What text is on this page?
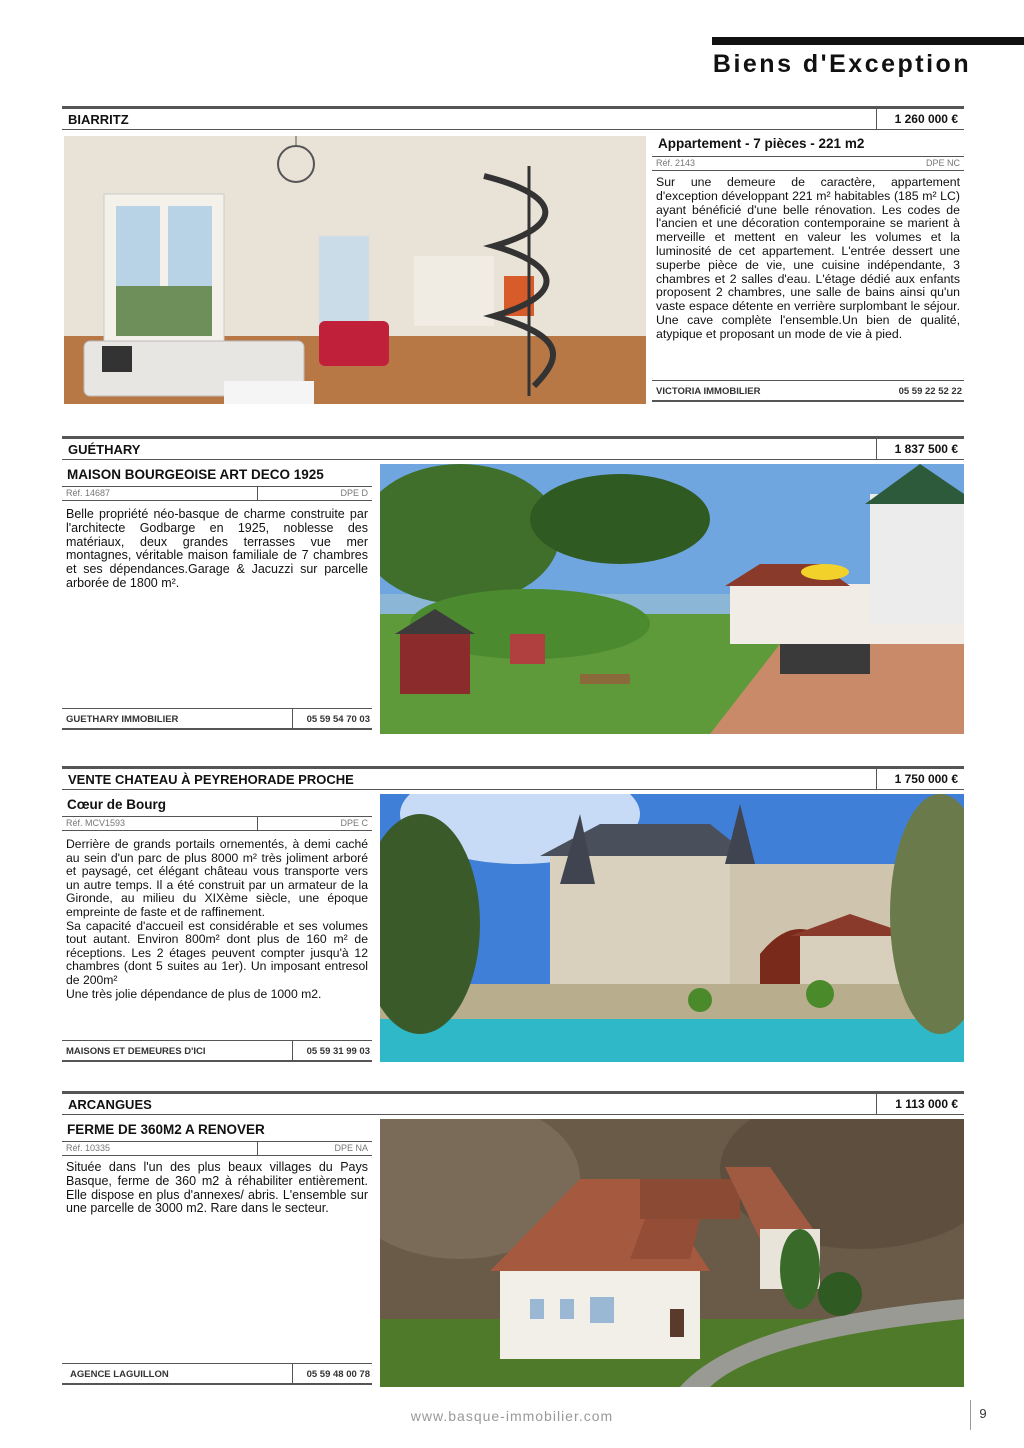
Biens d'Exception
BIARRITZ	1 260 000 €
Appartement - 7 pièces - 221 m2
Réf. 2143	DPE NC
Sur une demeure de caractère, appartement d'exception développant 221 m² habitables (185 m² LC) ayant bénéficié d'une belle rénovation. Les codes de l'ancien et une décoration contemporaine se marient à merveille et mettent en valeur les volumes et la luminosité de cet appartement. L'entrée dessert une superbe pièce de vie, une cuisine indépendante, 3 chambres et 2 salles d'eau. L'étage dédié aux enfants proposent 2 chambres, une salle de bains ainsi qu'un vaste espace détente en verrière surplombant le séjour. Une cave complète l'ensemble.Un bien de qualité, atypique et proposant un mode de vie à pied.
VICTORIA IMMOBILIER	05 59 22 52 22
GUÉTHARY	1 837 500 €
MAISON BOURGEOISE ART DECO 1925
Réf. 14687	DPE D
Belle propriété néo-basque de charme construite par l'architecte Godbarge en 1925, noblesse des matériaux, deux grandes terrasses vue mer montagnes, véritable maison familiale de 7 chambres et ses dépendances.Garage & Jacuzzi sur parcelle arborée de 1800 m².
GUETHARY IMMOBILIER	05 59 54 70 03
VENTE CHATEAU À PEYREHORADE PROCHE	1 750 000 €
Cœur de Bourg
Réf. MCV1593	DPE C
Derrière de grands portails ornementés, à demi caché au sein d'un parc de plus 8000 m² très joliment arboré et paysagé, cet élégant château vous transporte vers un autre temps. Il a été construit par un armateur de la Gironde, au milieu du XIXème siècle, une époque empreinte de faste et de raffinement.
Sa capacité d'accueil est considérable et ses volumes tout autant. Environ 800m² dont plus de 160 m² de réceptions. Les 2 étages peuvent compter jusqu'à 12 chambres (dont 5 suites au 1er). Un imposant entresol de 200m²
Une très jolie dépendance de plus de 1000 m2.
MAISONS ET DEMEURES D'ICI	05 59 31 99 03
ARCANGUES	1 113 000 €
FERME DE 360M2 A RENOVER
Réf. 10335	DPE NA
Située dans l'un des plus beaux villages du Pays Basque, ferme de 360 m2 à réhabiliter entièrement. Elle dispose en plus d'annexes/ abris. L'ensemble sur une parcelle de 3000 m2. Rare dans le secteur.
AGENCE LAGUILLON	05 59 48 00 78
www.basque-immobilier.com	9
